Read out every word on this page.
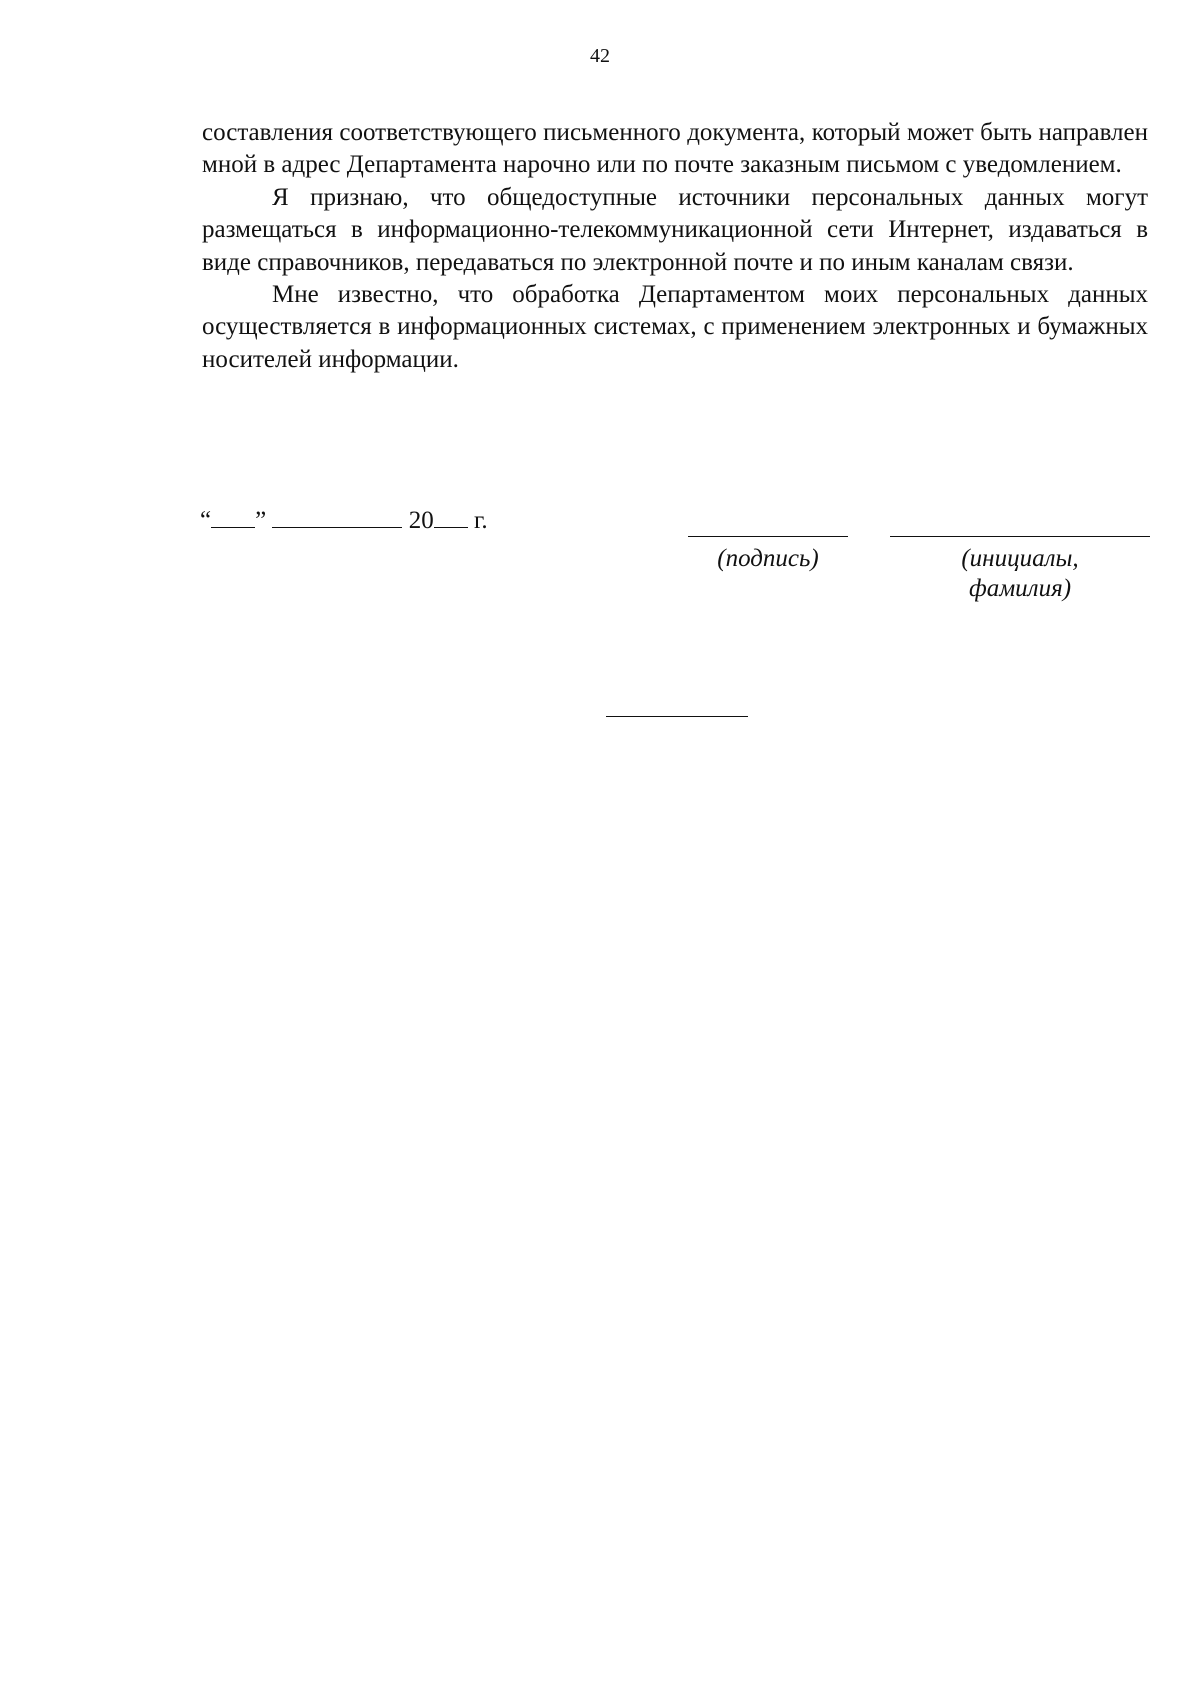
42

составления соответствующего письменного документа, который может быть направлен мной в адрес Департамента нарочно или по почте заказным письмом с уведомлением.

Я признаю, что общедоступные источники персональных данных могут размещаться в информационно-телекоммуникационной сети Интернет, издаваться в виде справочников, передаваться по электронной почте и по иным каналам связи.

Мне известно, что обработка Департаментом моих персональных данных осуществляется в информационных системах, с применением электронных и бумажных носителей информации.

“ ”	20 г.
(подпись)	(инициалы,
фамилия)
